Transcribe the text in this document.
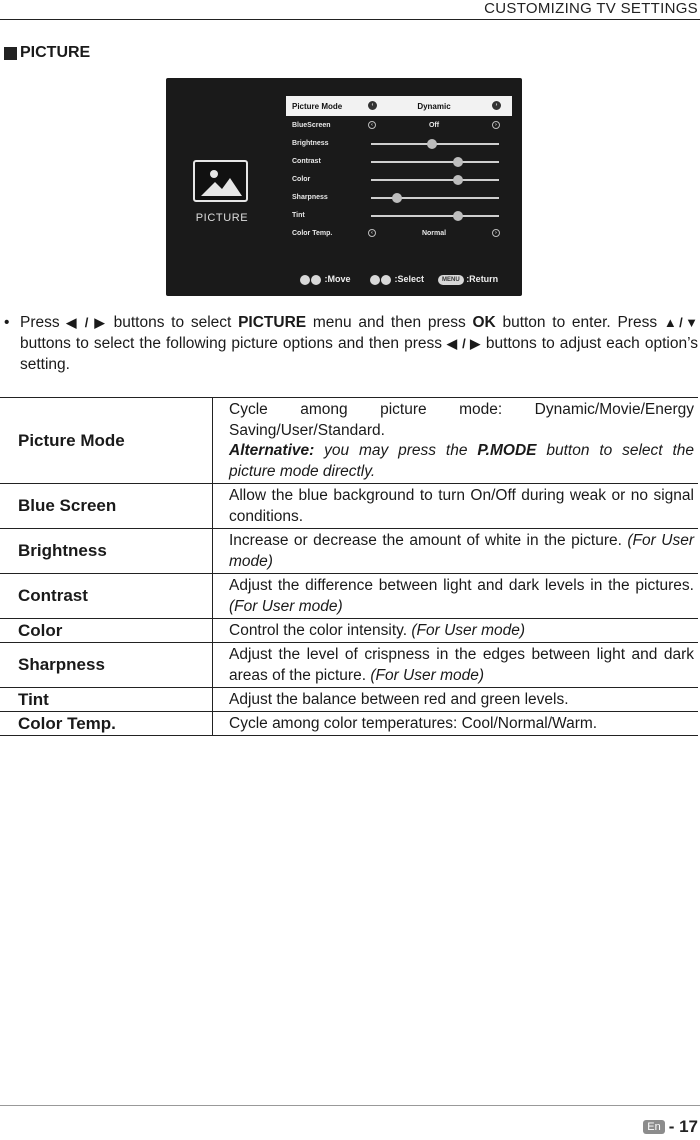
CUSTOMIZING TV SETTINGS
PICTURE
PICTURE
Picture Mode	‹	Dynamic	›
BlueScreen	‹	Off	›
Brightness
Contrast
Color
Sharpness
Tint
Color Temp.	‹	Normal	›
:Move	:Select	MENU :Return
• Press ◀ / ▶ buttons to select PICTURE menu and then press OK button to enter. Press ▲/▼ buttons to select the following picture options and then press ◀ / ▶ buttons to adjust each option’s setting.

Picture Mode	Cycle among picture mode: Dynamic/Movie/Energy Saving/User/Standard.
Alternative: you may press the P.MODE button to select the picture mode directly.
Blue Screen	Allow the blue background to turn On/Off during weak or no signal conditions.
Brightness	Increase or decrease the amount of white in the picture. (For User mode)
Contrast	Adjust the difference between light and dark levels in the pictures. (For User mode)
Color	Control the color intensity. (For User mode)
Sharpness	Adjust the level of crispness in the edges between light and dark areas of the picture. (For User mode)
Tint	Adjust the balance between red and green levels.
Color Temp.	Cycle among color temperatures: Cool/Normal/Warm.
En - 17
